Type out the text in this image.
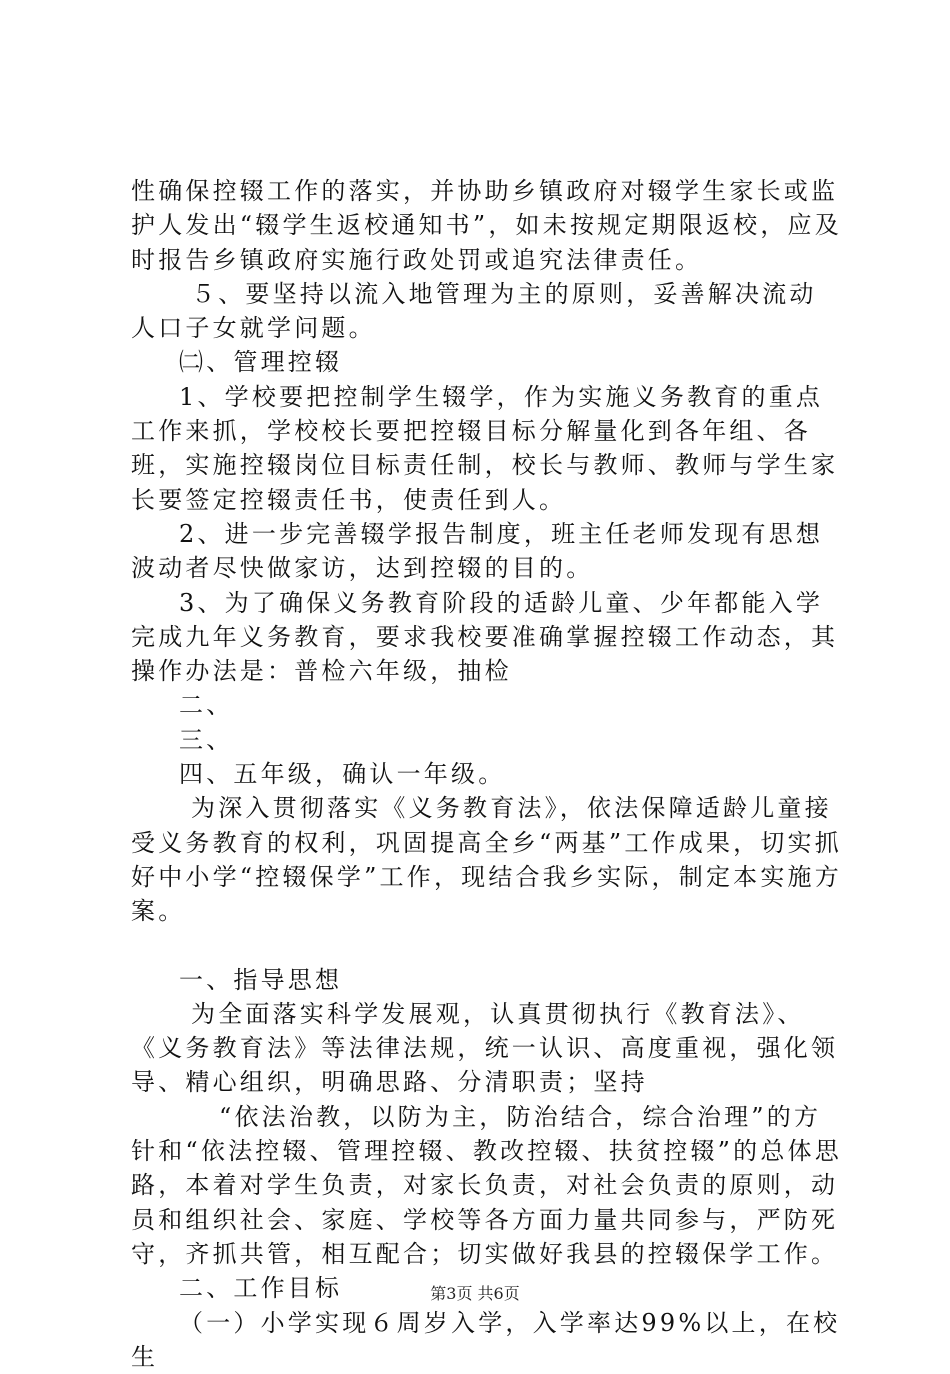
性确保控辍工作的落实，并协助乡镇政府对辍学生家长或监护人发出“辍学生返校通知书”，如未按规定期限返校，应及时报告乡镇政府实施行政处罚或追究法律责任。

５、要坚持以流入地管理为主的原则，妥善解决流动人口子女就学问题。

㈡、管理控辍

1、学校要把控制学生辍学，作为实施义务教育的重点工作来抓，学校校长要把控辍目标分解量化到各年组、各班，实施控辍岗位目标责任制，校长与教师、教师与学生家长要签定控辍责任书，使责任到人。

2、进一步完善辍学报告制度，班主任老师发现有思想波动者尽快做家访，达到控辍的目的。

3、为了确保义务教育阶段的适龄儿童、少年都能入学完成九年义务教育，要求我校要准确掌握控辍工作动态，其操作办法是：普检六年级，抽检

二、

三、

四、五年级，确认一年级。

为深入贯彻落实《义务教育法》，依法保障适龄儿童接受义务教育的权利，巩固提高全乡“两基”工作成果，切实抓好中小学“控辍保学”工作，现结合我乡实际，制定本实施方案。

一、指导思想

为全面落实科学发展观，认真贯彻执行《教育法》、《义务教育法》等法律法规，统一认识、高度重视，强化领导、精心组织，明确思路、分清职责；坚持

“依法治教，以防为主，防治结合，综合治理”的方针和“依法控辍、管理控辍、教改控辍、扶贫控辍”的总体思路，本着对学生负责，对家长负责，对社会负责的原则，动员和组织社会、家庭、学校等各方面力量共同参与，严防死守，齐抓共管，相互配合；切实做好我县的控辍保学工作。

二、工作目标

（一）小学实现６周岁入学，入学率达99%以上，在校生

第3页 共6页
